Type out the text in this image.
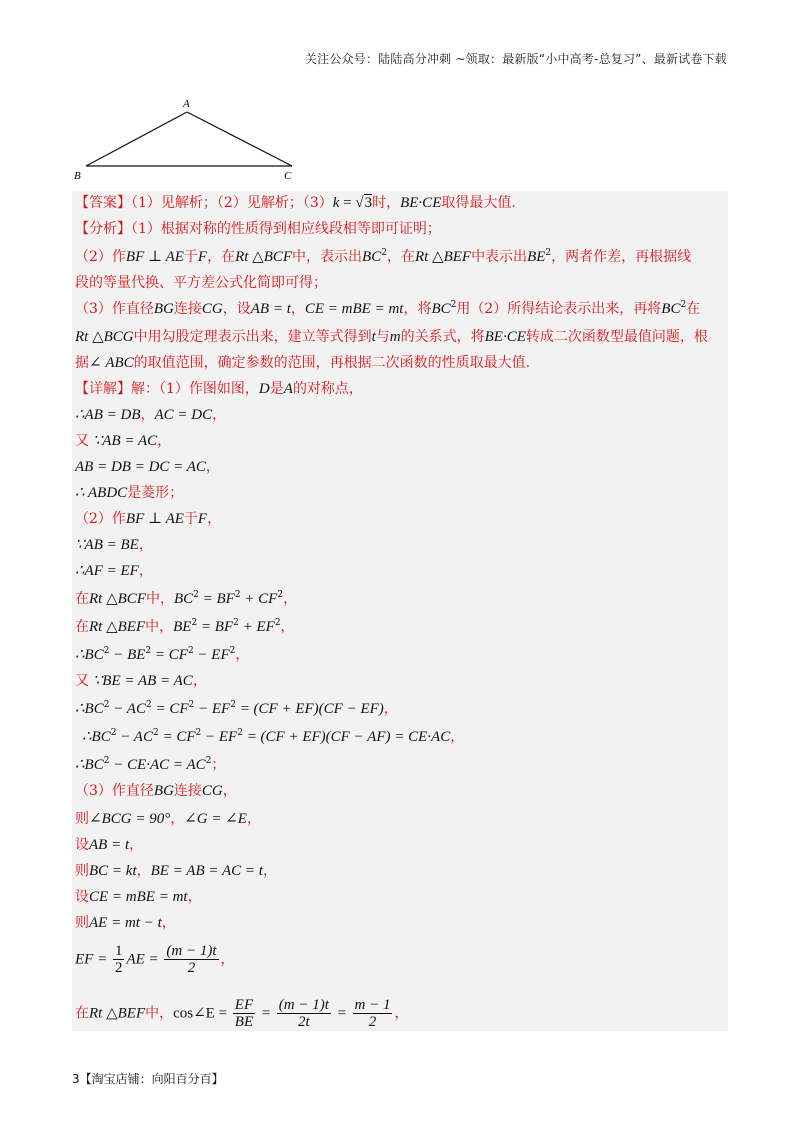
关注公众号：陆陆高分冲刺 ~领取：最新版“小中高考-总复习”、最新试卷下载
A
B	C
【答案】（1）见解析；（2）见解析；（3）k = √3时，BE·CE取得最大值.
【分析】（1）根据对称的性质得到相应线段相等即可证明；
（2）作BF ⊥ AE于F，在Rt △BCF中，表示出$BC^2$，在Rt △BEF中表示出$BE^2$，两者作差，再根据线
段的等量代换、平方差公式化简即可得；
（3）作直径BG连接CG，设AB = t，CE = mBE = mt，将$BC^2$用（2）所得结论表示出来，再将$BC^2$在
Rt △BCG中用勾股定理表示出来，建立等式得到t与m的关系式，将BE·CE转成二次函数型最值问题，根
据∠ ABC的取值范围，确定参数的范围，再根据二次函数的性质取最大值.
【详解】解：（1）作图如图，D是A的对称点，
∴AB = DB，AC = DC，
又 ∵AB = AC，
AB = DB = DC = AC，
∴ ABDC是菱形；
（2）作BF ⊥ AE于F，
∵AB = BE，
∴AF = EF，
在Rt △BCF中，$BC^2 = BF^2 + CF^2$，
在Rt △BEF中，$BE^2 = BF^2 + EF^2$，
$\therefore BC^2 - BE^2 = CF^2 - EF^2$，
又 ∵BE = AB = AC，
$\therefore BC^2 - AC^2 = CF^2 - EF^2 = (CF + EF)(CF - EF)$，
$\therefore BC^2 - AC^2 = CF^2 - EF^2 = (CF + EF)(CF - AF) = CE\cdot AC$，
$\therefore BC^2 - CE\cdot AC = AC^2$；
（3）作直径BG连接CG，
则∠BCG = 90°，∠G = ∠E，
设AB = t，
则BC = kt，BE = AB = AC = t，
设CE = mBE = mt，
则AE = mt − t，
EF = $\frac{1}{2}$ AE = $\frac{(m - 1)t}{2}$ ，
在Rt △BEF中，cos∠E = $\frac{EF}{BE} = \frac{(m - 1)t}{2t} = \frac{m - 1}{2}$ ，
3【淘宝店铺：向阳百分百】
